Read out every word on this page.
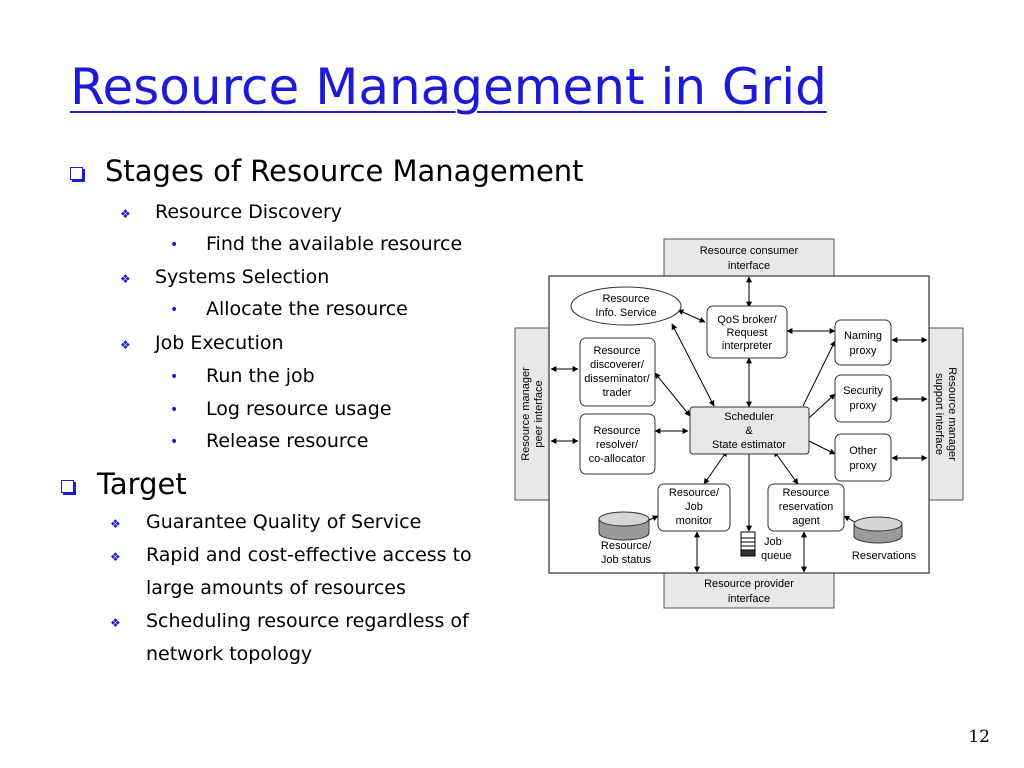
Resource Management in Grid
Stages of Resource Management
❖ Resource Discovery
• Find the available resource
❖ Systems Selection
• Allocate the resource
❖ Job Execution
• Run the job
• Log resource usage
• Release resource
Target
❖ Guarantee Quality of Service
❖ Rapid and cost-effective access to
large amounts of resources
❖ Scheduling resource regardless of
network topology
Resource consumer
interface
Resource provider
interface
Resource manager peer interface	Resource manager
support interface
Resource
Info. Service
QoS broker/
Request
interpreter
Resource
discoverer/
disseminator/
trader
Resource
resolver/
co-allocator
Scheduler
&
State estimator
Naming
proxy
Security
proxy
Other
proxy
Resource/
Job
monitor
Resource
reservation
agent
Resource/
Job status
Job
queue	Reservations
12
